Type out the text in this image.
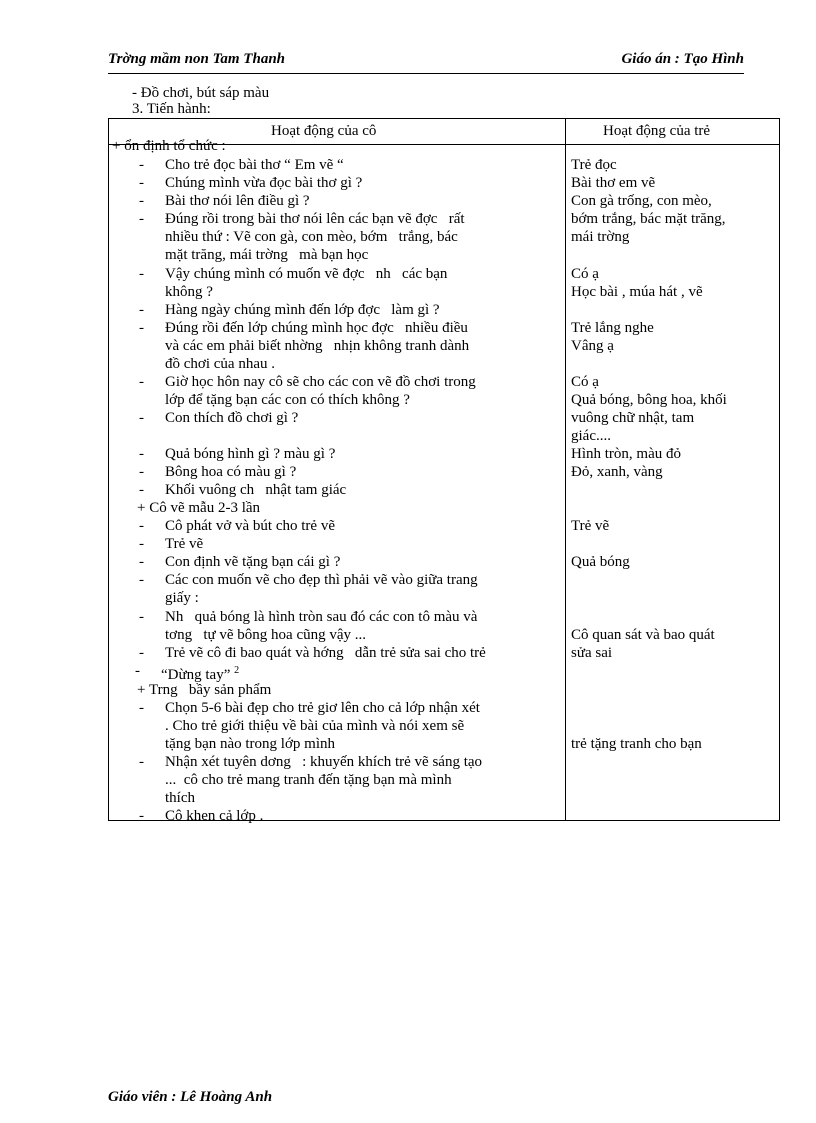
Trờng mầm non Tam Thanh	Giáo án : Tạo Hình
- Đồ chơi, bút sáp màu
3. Tiến hành:
Hoạt động của cô	Hoạt động của trẻ
+ ổn định tổ chức :
- Cho trẻ đọc bài thơ “ Em vẽ “
- Chúng mình vừa đọc bài thơ gì ?
- Bài thơ nói lên điều gì ?
- Đúng rồi trong bài thơ nói lên các bạn vẽ đợc   rất
nhiều thứ : Vẽ con gà, con mèo, bớm   trắng, bác
mặt trăng, mái trờng   mà bạn học
- Vậy chúng mình có muốn vẽ đợc   nh   các bạn
không ?
- Hàng ngày chúng mình đến lớp đợc   làm gì ?
- Đúng rồi đến lớp chúng mình học đợc   nhiều điều
và các em phải biết nhờng   nhịn không tranh dành
đồ chơi của nhau .
- Giờ học hôn nay cô sẽ cho các con vẽ đồ chơi trong
lớp để tặng bạn các con có thích không ?
- Con thích đồ chơi gì ?
- Quả bóng hình gì ? màu gì ?
- Bông hoa có màu gì ?
- Khối vuông ch   nhật tam giác
+ Cô vẽ mẫu 2-3 lần
- Cô phát vở và bút cho trẻ vẽ
- Trẻ vẽ
- Con định vẽ tặng bạn cái gì ?
- Các con muốn vẽ cho đẹp thì phải vẽ vào giữa trang
giấy :
- Nh   quả bóng là hình tròn sau đó các con tô màu và
tơng   tự vẽ bông hoa cũng vậy ...
- Trẻ vẽ cô đi bao quát và hớng   dẫn trẻ sửa sai cho trẻ
- “Dừng tay” $^2$
+ Trng   bầy sản phẩm
- Chọn 5-6 bài đẹp cho trẻ giơ lên cho cả lớp nhận xét
. Cho trẻ giới thiệu về bài của mình và nói xem sẽ
tặng bạn nào trong lớp mình
- Nhận xét tuyên dơng   : khuyến khích trẻ vẽ sáng tạo
...  cô cho trẻ mang tranh đến tặng bạn mà mình
thích
- Cô khen cả lớp .
Trẻ đọc
Bài thơ em vẽ
Con gà trống, con mèo,
bớm trắng, bác mặt trăng,
mái trờng
Có ạ
Học bài , múa hát , vẽ
Trẻ lắng nghe
Vâng ạ
Có ạ
Quả bóng, bông hoa, khối
vuông chữ nhật, tam
giác....
Hình tròn, màu đỏ
Đỏ, xanh, vàng
Trẻ vẽ
Quả bóng
Cô quan sát và bao quát
sửa sai
trẻ tặng tranh cho bạn
Giáo viên : Lê Hoàng Anh
